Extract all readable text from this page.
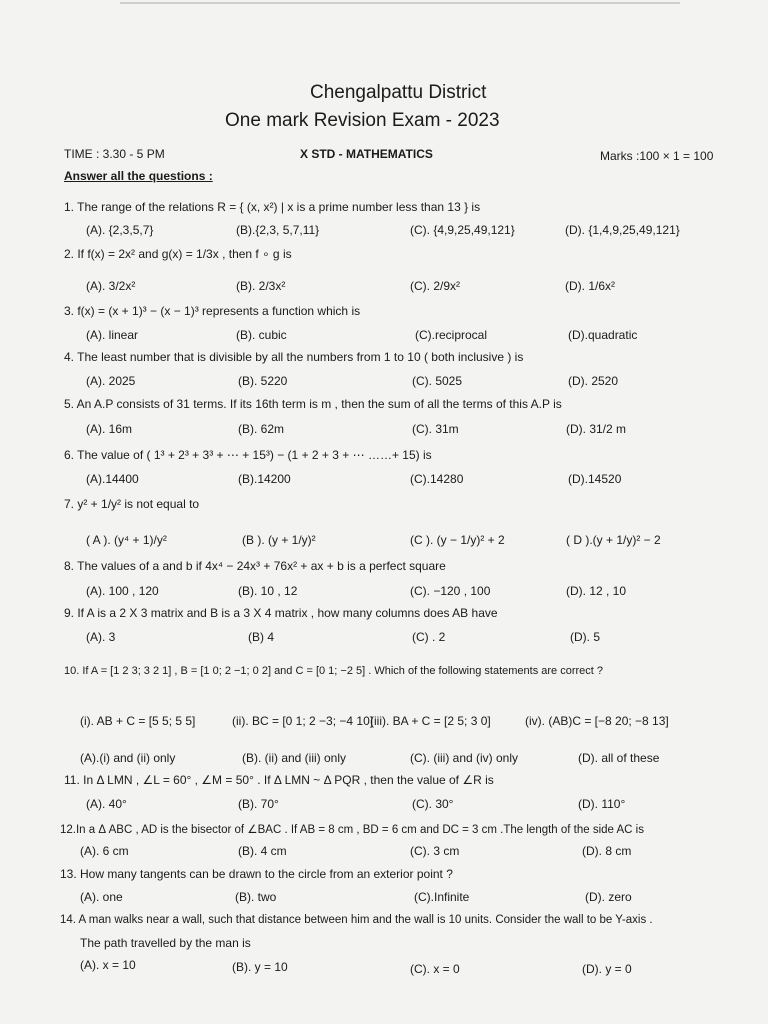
Chengalpattu District
One mark Revision Exam - 2023
TIME : 3.30 - 5 PM	X STD - MATHEMATICS	Marks :100 × 1 = 100
Answer all the questions :
1. The range of the relations R = { (x, x²) | x is a prime number less than 13 } is
(A). {2,3,5,7}	(B).{2,3, 5,7,11}	(C). {4,9,25,49,121}	(D). {1,4,9,25,49,121}
2. If f(x) = 2x² and g(x) = 1/3x , then f ∘ g is
(A). 3/2x²	(B). 2/3x²	(C). 2/9x²	(D). 1/6x²
3. f(x) = (x + 1)³ − (x − 1)³ represents a function which is
(A). linear	(B). cubic	(C).reciprocal	(D).quadratic
4. The least number that is divisible by all the numbers from 1 to 10 ( both inclusive ) is
(A). 2025	(B). 5220	(C). 5025	(D). 2520
5. An A.P consists of 31 terms. If its 16th term is m , then the sum of all the terms of this A.P is
(A). 16m	(B). 62m	(C). 31m	(D). 31/2 m
6. The value of ( 1³ + 2³ + 3³ + ⋯ + 15³) − (1 + 2 + 3 + ⋯ ……+ 15) is
(A).14400	(B).14200	(C).14280	(D).14520
7. y² + 1/y² is not equal to
( A ). (y⁴ + 1)/y²	(B ). (y + 1/y)²	(C ). (y − 1/y)² + 2	( D ).(y + 1/y)² − 2
8. The values of a and b if 4x⁴ − 24x³ + 76x² + ax + b is a perfect square
(A). 100 , 120	(B). 10 , 12	(C). −120 , 100	(D). 12 , 10
9. If A is a 2 X 3 matrix and B is a 3 X 4 matrix , how many columns does AB have
(A). 3	(B) 4	(C) . 2	(D). 5
10. If A = [1 2 3; 3 2 1] , B = [1 0; 2 −1; 0 2] and C = [0 1; −2 5] . Which of the following statements are correct ?
(i). AB + C = [5 5; 5 5]	(ii). BC = [0 1; 2 −3; −4 10]
(iii). BA + C = [2 5; 3 0]	(iv). (AB)C = [−8 20; −8 13]
(A).(i) and (ii) only	(B). (ii) and (iii) only	(C). (iii) and (iv) only	(D). all of these
11. In Δ LMN , ∠L = 60° , ∠M = 50° . If Δ LMN ~ Δ PQR , then the value of ∠R is
(A). 40°	(B). 70°	(C). 30°	(D). 110°
12.In a Δ ABC , AD is the bisector of ∠BAC . If AB = 8 cm , BD = 6 cm and DC = 3 cm .The length of the side AC is
(A). 6 cm	(B). 4 cm	(C). 3 cm	(D). 8 cm
13. How many tangents can be drawn to the circle from an exterior point ?
(A). one	(B). two	(C).Infinite	(D). zero
14. A man walks near a wall, such that distance between him and the wall is 10 units. Consider the wall to be Y-axis .
The path travelled by the man is
(A). x = 10	(B). y = 10	(C). x = 0	(D). y = 0
